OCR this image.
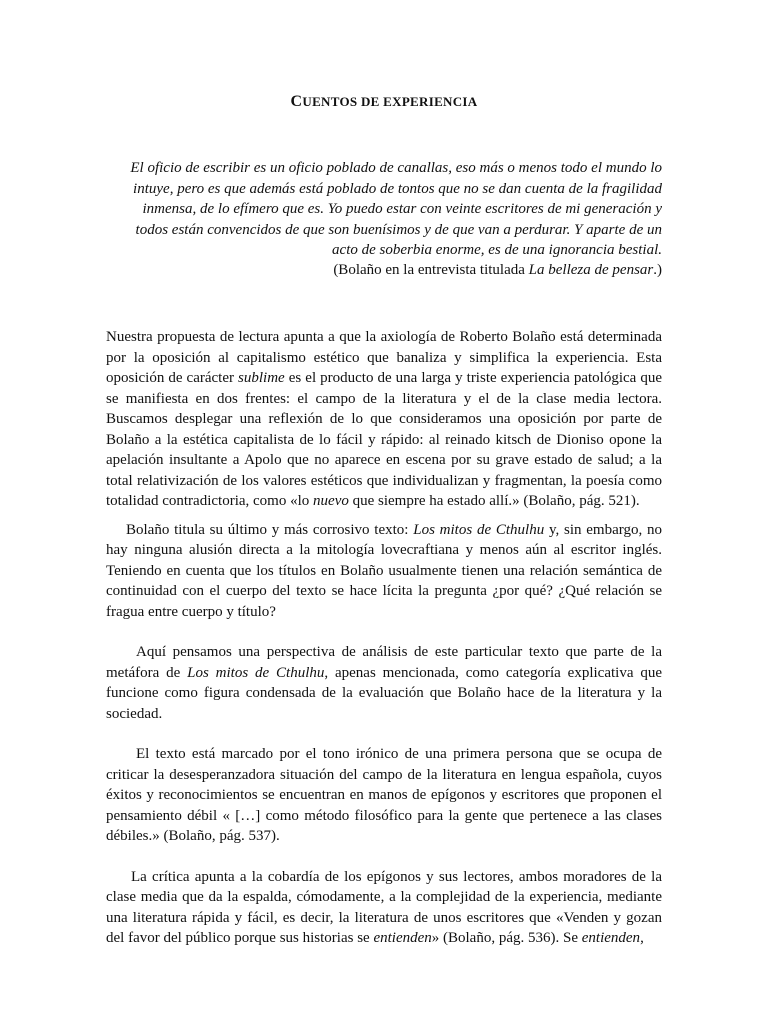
CUENTOS DE EXPERIENCIA
El oficio de escribir es un oficio poblado de canallas, eso más o menos todo el mundo lo intuye, pero es que además está poblado de tontos que no se dan cuenta de la fragilidad inmensa, de lo efímero que es. Yo puedo estar con veinte escritores de mi generación y todos están convencidos de que son buenísimos y de que van a perdurar. Y aparte de un acto de soberbia enorme, es de una ignorancia bestial.
(Bolaño en la entrevista titulada La belleza de pensar.)

Nuestra propuesta de lectura apunta a que la axiología de Roberto Bolaño está determinada por la oposición al capitalismo estético que banaliza y simplifica la experiencia. Esta oposición de carácter sublime es el producto de una larga y triste experiencia patológica que se manifiesta en dos frentes: el campo de la literatura y el de la clase media lectora. Buscamos desplegar una reflexión de lo que consideramos una oposición por parte de Bolaño a la estética capitalista de lo fácil y rápido: al reinado kitsch de Dioniso opone la apelación insultante a Apolo que no aparece en escena por su grave estado de salud; a la total relativización de los valores estéticos que individualizan y fragmentan, la poesía como totalidad contradictoria, como «lo nuevo que siempre ha estado allí.» (Bolaño, pág. 521).

Bolaño titula su último y más corrosivo texto: Los mitos de Cthulhu y, sin embargo, no hay ninguna alusión directa a la mitología lovecraftiana y menos aún al escritor inglés. Teniendo en cuenta que los títulos en Bolaño usualmente tienen una relación semántica de continuidad con el cuerpo del texto se hace lícita la pregunta ¿por qué? ¿Qué relación se fragua entre cuerpo y título?

Aquí pensamos una perspectiva de análisis de este particular texto que parte de la metáfora de Los mitos de Cthulhu, apenas mencionada, como categoría explicativa que funcione como figura condensada de la evaluación que Bolaño hace de la literatura y la sociedad.

El texto está marcado por el tono irónico de una primera persona que se ocupa de criticar la desesperanzadora situación del campo de la literatura en lengua española, cuyos éxitos y reconocimientos se encuentran en manos de epígonos y escritores que proponen el pensamiento débil « […] como método filosófico para la gente que pertenece a las clases débiles.» (Bolaño, pág. 537).

La crítica apunta a la cobardía de los epígonos y sus lectores, ambos moradores de la clase media que da la espalda, cómodamente, a la complejidad de la experiencia, mediante una literatura rápida y fácil, es decir, la literatura de unos escritores que «Venden y gozan del favor del público porque sus historias se entienden» (Bolaño, pág. 536). Se entienden,
